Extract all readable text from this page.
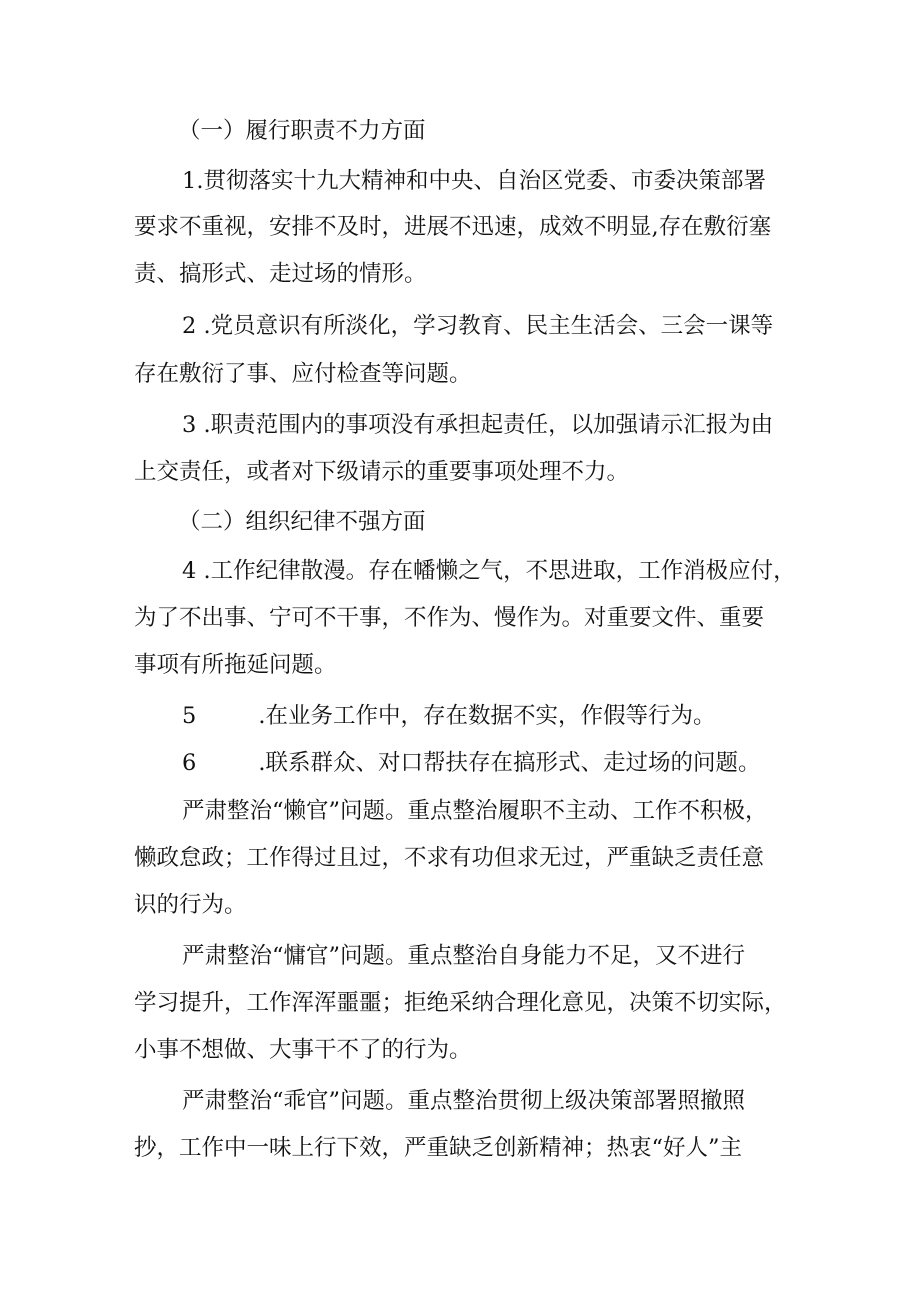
（一）履行职责不力方面
1.贯彻落实十九大精神和中央、自治区党委、市委决策部署
要求不重视，安排不及时，进展不迅速，成效不明显,存在敷衍塞
责、搞形式、走过场的情形。
2 .党员意识有所淡化，学习教育、民主生活会、三会一课等
存在敷衍了事、应付检查等问题。
3 .职责范围内的事项没有承担起责任，以加强请示汇报为由
上交责任，或者对下级请示的重要事项处理不力。
（二）组织纪律不强方面
4 .工作纪律散漫。存在幡懒之气，不思进取，工作消极应付，
为了不出事、宁可不干事，不作为、慢作为。对重要文件、重要
事项有所拖延问题。
5	.在业务工作中，存在数据不实，作假等行为。
6	.联系群众、对口帮扶存在搞形式、走过场的问题。
严肃整治“懒官”问题。重点整治履职不主动、工作不积极，
懒政怠政；工作得过且过，不求有功但求无过，严重缺乏责任意
识的行为。
严肃整治“慵官”问题。重点整治自身能力不足，又不进行
学习提升，工作浑浑噩噩；拒绝采纳合理化意见，决策不切实际，
小事不想做、大事干不了的行为。
严肃整治“乖官”问题。重点整治贯彻上级决策部署照撤照
抄，工作中一味上行下效，严重缺乏创新精神；热衷“好人”主
